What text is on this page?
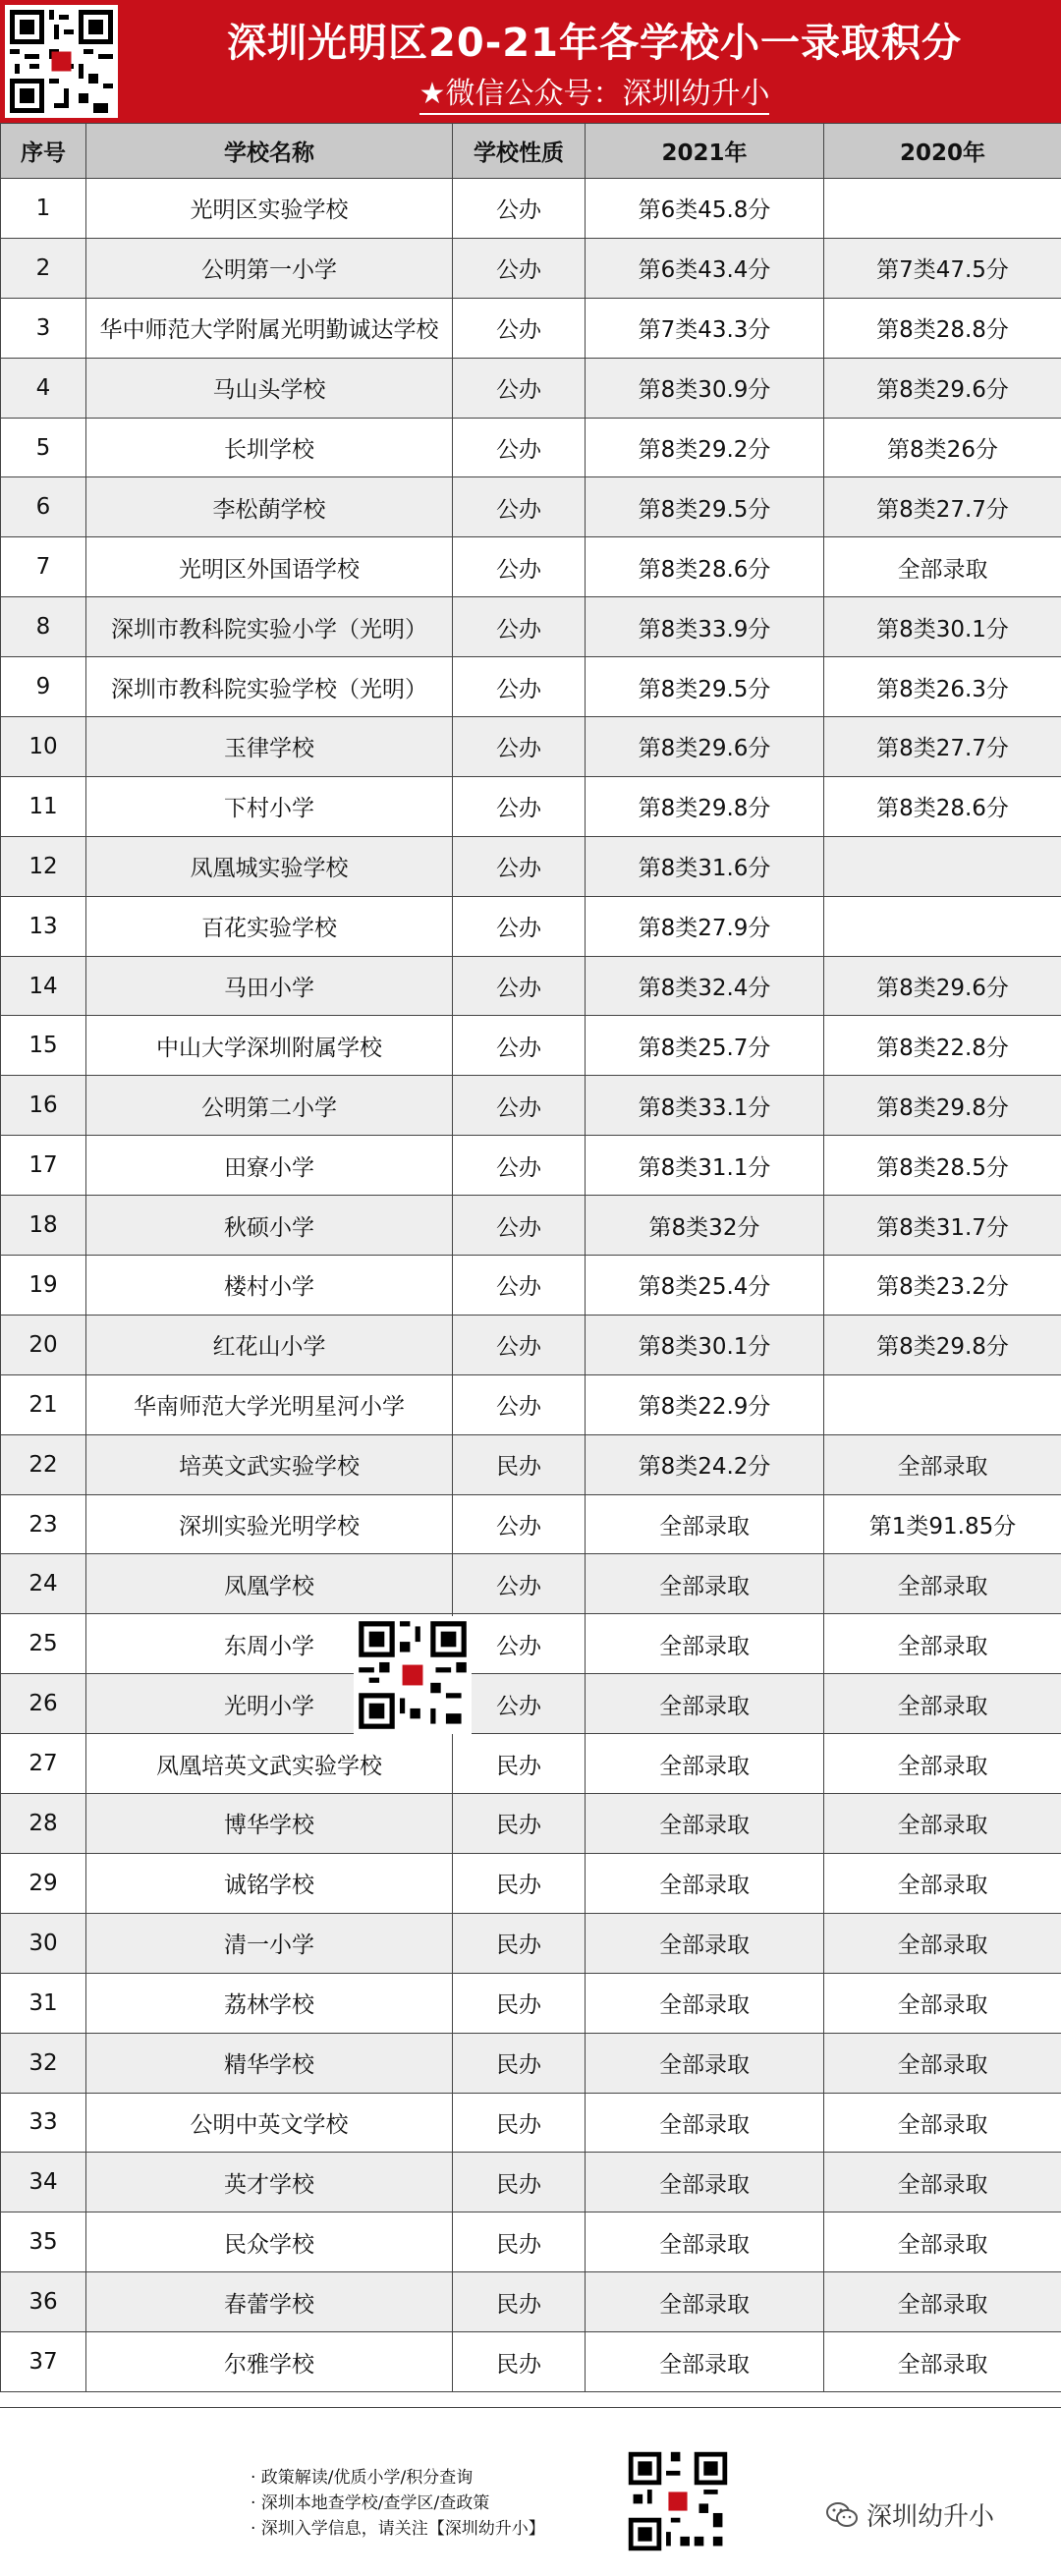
深圳光明区20-21年各学校小一录取积分
★微信公众号：深圳幼升小
序号	学校名称	学校性质	2021年	2020年
1	光明区实验学校	公办	第6类45.8分	
2	公明第一小学	公办	第6类43.4分	第7类47.5分
3	华中师范大学附属光明勤诚达学校	公办	第7类43.3分	第8类28.8分
4	马山头学校	公办	第8类30.9分	第8类29.6分
5	长圳学校	公办	第8类29.2分	第8类26分
6	李松蓢学校	公办	第8类29.5分	第8类27.7分
7	光明区外国语学校	公办	第8类28.6分	全部录取
8	深圳市教科院实验小学（光明）	公办	第8类33.9分	第8类30.1分
9	深圳市教科院实验学校（光明）	公办	第8类29.5分	第8类26.3分
10	玉律学校	公办	第8类29.6分	第8类27.7分
11	下村小学	公办	第8类29.8分	第8类28.6分
12	凤凰城实验学校	公办	第8类31.6分	
13	百花实验学校	公办	第8类27.9分	
14	马田小学	公办	第8类32.4分	第8类29.6分
15	中山大学深圳附属学校	公办	第8类25.7分	第8类22.8分
16	公明第二小学	公办	第8类33.1分	第8类29.8分
17	田寮小学	公办	第8类31.1分	第8类28.5分
18	秋硕小学	公办	第8类32分	第8类31.7分
19	楼村小学	公办	第8类25.4分	第8类23.2分
20	红花山小学	公办	第8类30.1分	第8类29.8分
21	华南师范大学光明星河小学	公办	第8类22.9分	
22	培英文武实验学校	民办	第8类24.2分	全部录取
23	深圳实验光明学校	公办	全部录取	第1类91.85分
24	凤凰学校	公办	全部录取	全部录取
25	东周小学	公办	全部录取	全部录取
26	光明小学	公办	全部录取	全部录取
27	凤凰培英文武实验学校	民办	全部录取	全部录取
28	博华学校	民办	全部录取	全部录取
29	诚铭学校	民办	全部录取	全部录取
30	清一小学	民办	全部录取	全部录取
31	荔林学校	民办	全部录取	全部录取
32	精华学校	民办	全部录取	全部录取
33	公明中英文学校	民办	全部录取	全部录取
34	英才学校	民办	全部录取	全部录取
35	民众学校	民办	全部录取	全部录取
36	春蕾学校	民办	全部录取	全部录取
37	尔雅学校	民办	全部录取	全部录取
· 政策解读/优质小学/积分查询
· 深圳本地查学校/查学区/查政策
· 深圳入学信息，请关注【深圳幼升小】	深圳幼升小
